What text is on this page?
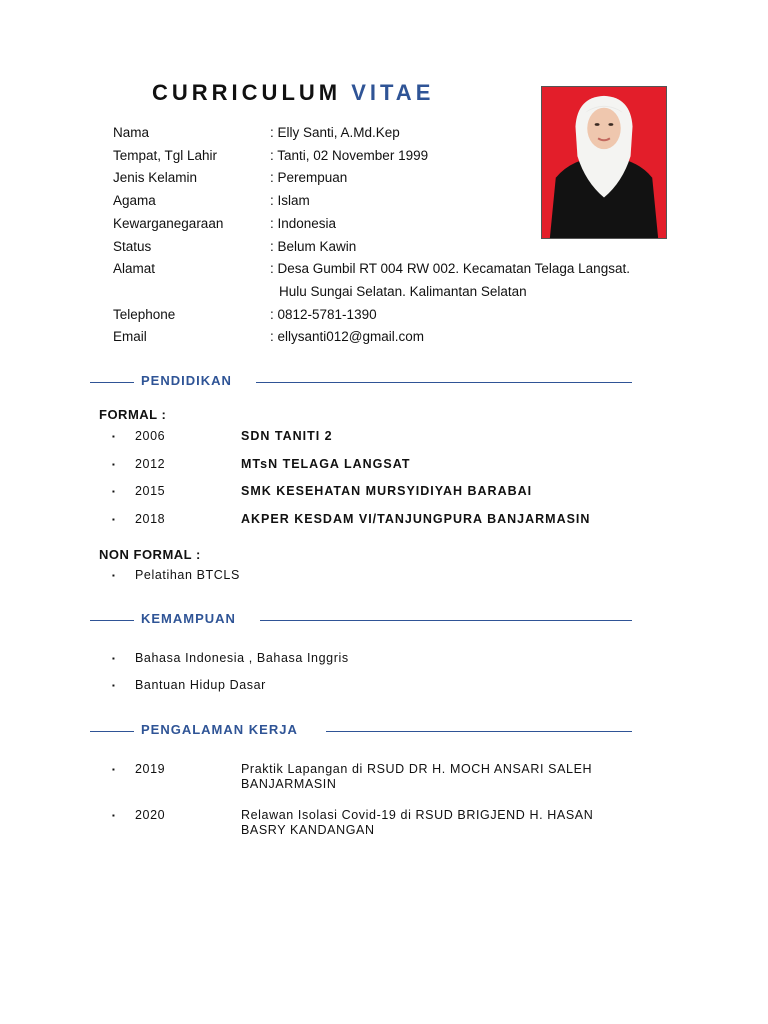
CURRICULUM VITAE
Nama	: Elly Santi, A.Md.Kep
Tempat, Tgl Lahir	: Tanti, 02 November 1999
Jenis Kelamin	: Perempuan
Agama	: Islam
Kewarganegaraan	: Indonesia
Status	: Belum Kawin
Alamat	: Desa Gumbil RT 004 RW 002. Kecamatan Telaga Langsat.
Hulu Sungai Selatan. Kalimantan Selatan
Telephone	: 0812-5781-1390
Email	: ellysanti012@gmail.com
PENDIDIKAN
FORMAL :
▪	2006	SDN TANITI 2
▪	2012	MTsN TELAGA LANGSAT
▪	2015	SMK KESEHATAN MURSYIDIYAH BARABAI
▪	2018	AKPER KESDAM VI/TANJUNGPURA BANJARMASIN
NON FORMAL :
▪	Pelatihan BTCLS
KEMAMPUAN
▪	Bahasa Indonesia , Bahasa Inggris
▪	Bantuan Hidup Dasar
PENGALAMAN KERJA
▪	2019	Praktik Lapangan di RSUD DR H. MOCH ANSARI SALEH
BANJARMASIN
▪	2020	Relawan Isolasi Covid-19 di RSUD BRIGJEND H. HASAN
BASRY KANDANGAN
